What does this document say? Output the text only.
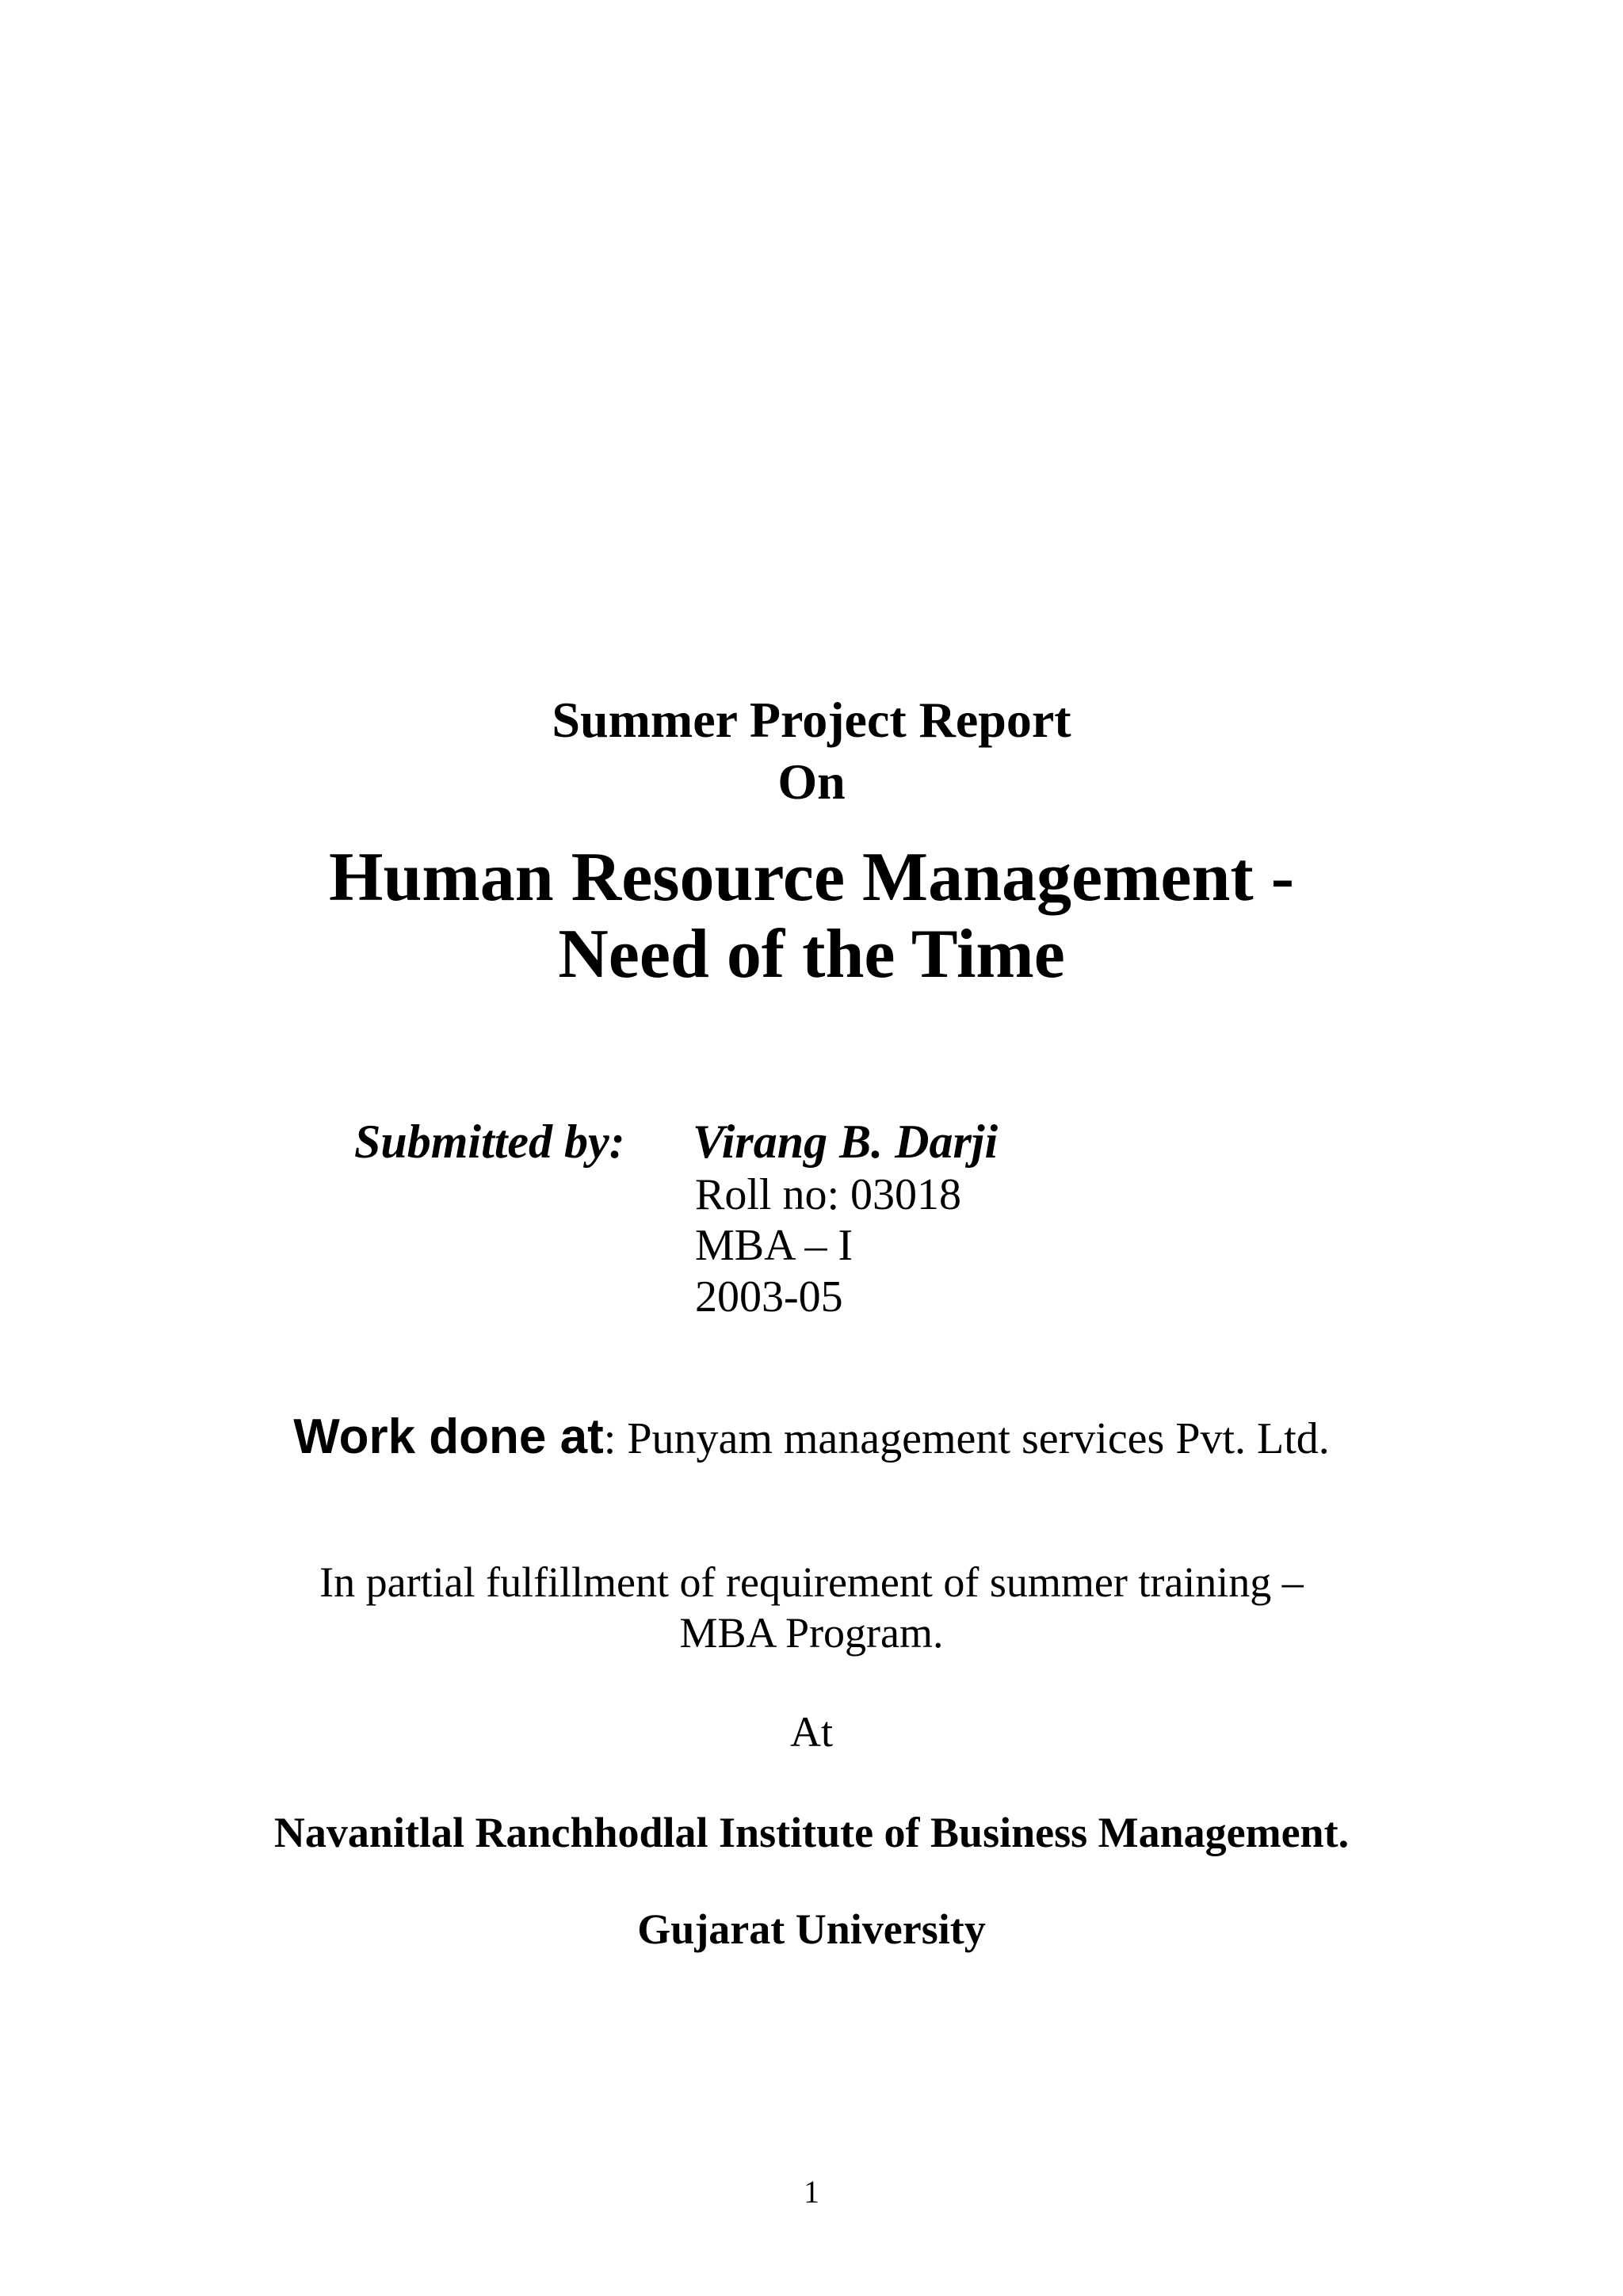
Summer Project Report

On

Human Resource Management -

Need of the Time

Submitted by: Virang B. Darji
Roll no: 03018
MBA – I
2003-05

Work done at: Punyam management services Pvt. Ltd.

In partial fulfillment of requirement of summer training –

MBA Program.

At

Navanitlal Ranchhodlal Institute of Business Management.

Gujarat University

1
